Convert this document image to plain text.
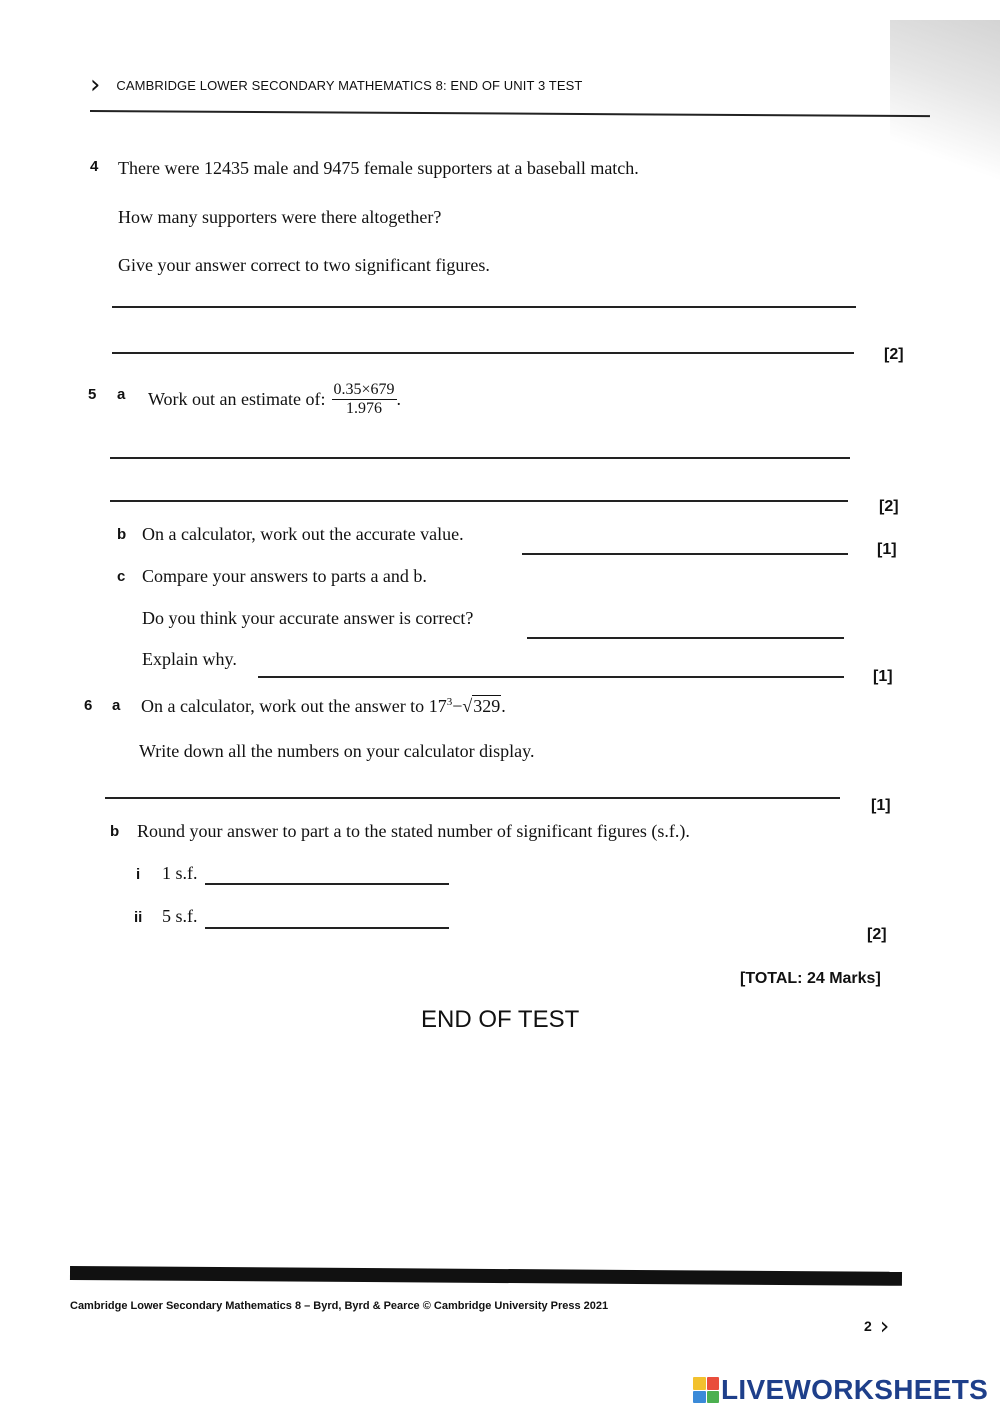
› CAMBRIDGE LOWER SECONDARY MATHEMATICS 8: END OF UNIT 3 TEST
4 There were 12435 male and 9475 female supporters at a baseball match.
How many supporters were there altogether?
Give your answer correct to two significant figures.
[2]
5 a Work out an estimate of: $\frac{0.35\times 679}{1.976}$ .
[2]
b On a calculator, work out the accurate value.
[1]
c Compare your answers to parts a and b.
Do you think your accurate answer is correct?
Explain why.
[1]
6 a On a calculator, work out the answer to $17^3-√329$.
Write down all the numbers on your calculator display.
[1]
b Round your answer to part a to the stated number of significant figures (s.f.).
i 1 s.f.
ii 5 s.f.
[2]
[TOTAL: 24 Marks]
END OF TEST
Cambridge Lower Secondary Mathematics 8 – Byrd, Byrd & Pearce © Cambridge University Press 2021
2 ›
LIVEWORKSHEETS
